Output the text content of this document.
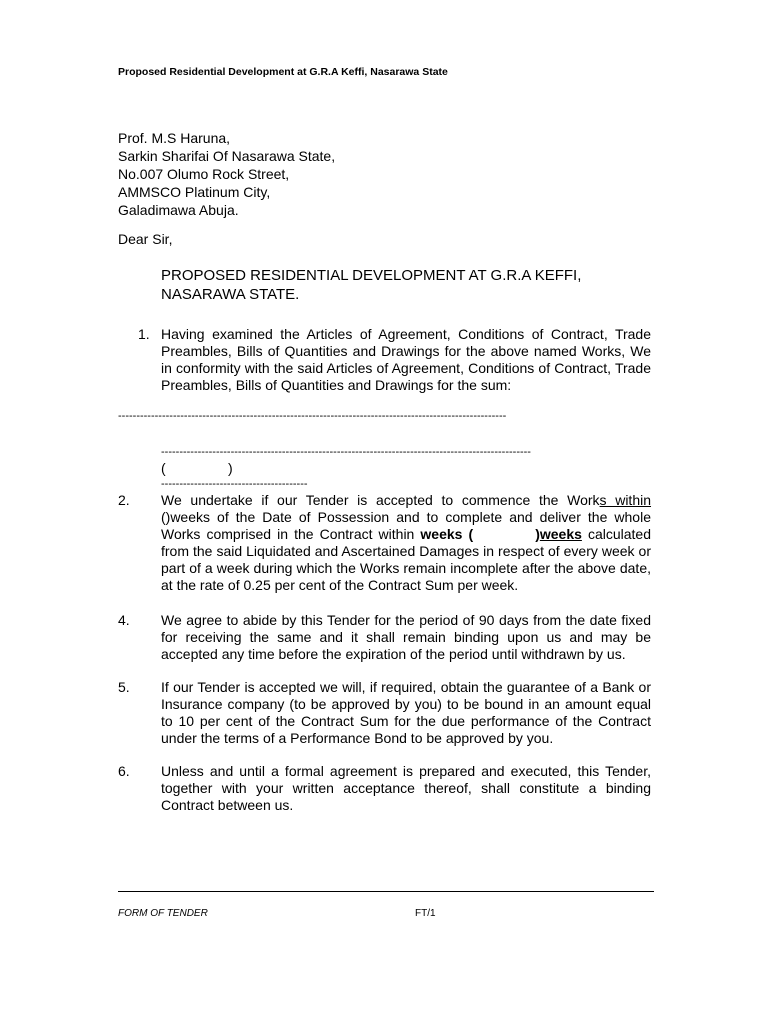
Proposed Residential Development at G.R.A Keffi, Nasarawa State
Prof. M.S Haruna,
Sarkin Sharifai Of Nasarawa State,
No.007 Olumo Rock Street,
AMMSCO Platinum City,
Galadimawa Abuja.
Dear Sir,
PROPOSED RESIDENTIAL DEVELOPMENT AT G.R.A KEFFI, NASARAWA STATE.
1. Having examined the Articles of Agreement, Conditions of Contract, Trade Preambles, Bills of Quantities and Drawings for the above named Works, We in conformity with the said Articles of Agreement, Conditions of Contract, Trade Preambles, Bills of Quantities and Drawings for the sum:
----------------------------------------------------------------------------------------------------------
-----------------------------------------------------------------------------------------------------
(	)
----------------------------------------
2. We undertake if our Tender is accepted to commence the Works within ()weeks of the Date of Possession and to complete and deliver the whole Works comprised in the Contract within weeks (	)weeks calculated from the said Liquidated and Ascertained Damages in respect of every week or part of a week during which the Works remain incomplete after the above date, at the rate of 0.25 per cent of the Contract Sum per week.
4. We agree to abide by this Tender for the period of 90 days from the date fixed for receiving the same and it shall remain binding upon us and may be accepted any time before the expiration of the period until withdrawn by us.
5. If our Tender is accepted we will, if required, obtain the guarantee of a Bank or Insurance company (to be approved by you) to be bound in an amount equal to 10 per cent of the Contract Sum for the due performance of the Contract under the terms of a Performance Bond to be approved by you.
6. Unless and until a formal agreement is prepared and executed, this Tender, together with your written acceptance thereof, shall constitute a binding Contract between us.
FORM OF TENDER	FT/1
